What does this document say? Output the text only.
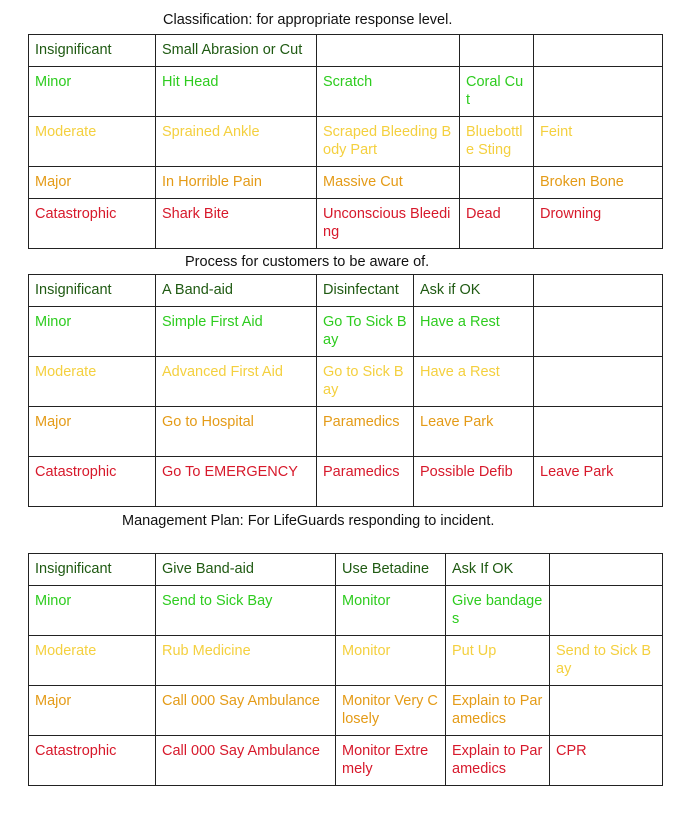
Classification: for appropriate response level.
Insignificant	Small Abrasion or Cut			
Minor	Hit Head	Scratch	Coral Cut	
Moderate	Sprained Ankle	Scraped Bleeding Body Part	Bluebottle Sting	Feint
Major	In Horrible Pain	Massive Cut		Broken Bone
Catastrophic	Shark Bite	Unconscious Bleeding	Dead	Drowning
Process for customers to be aware of.
Insignificant	A Band-aid	Disinfectant	Ask if OK	
Minor	Simple First Aid	Go To Sick Bay	Have a Rest	
Moderate	Advanced First Aid	Go to Sick Bay	Have a Rest	
Major	Go to Hospital	Paramedics	Leave Park	
Catastrophic	Go To EMERGENCY	Paramedics	Possible Defib	Leave Park
Management Plan: For LifeGuards responding to incident.
Insignificant	Give Band-aid	Use Betadine	Ask If OK	
Minor	Send to Sick Bay	Monitor	Give bandages	
Moderate	Rub Medicine	Monitor	Put Up	Send to Sick Bay
Major	Call 000 Say Ambulance	Monitor Very Closely	Explain to Paramedics	
Catastrophic	Call 000 Say Ambulance	Monitor Extremely	Explain to Paramedics	CPR
